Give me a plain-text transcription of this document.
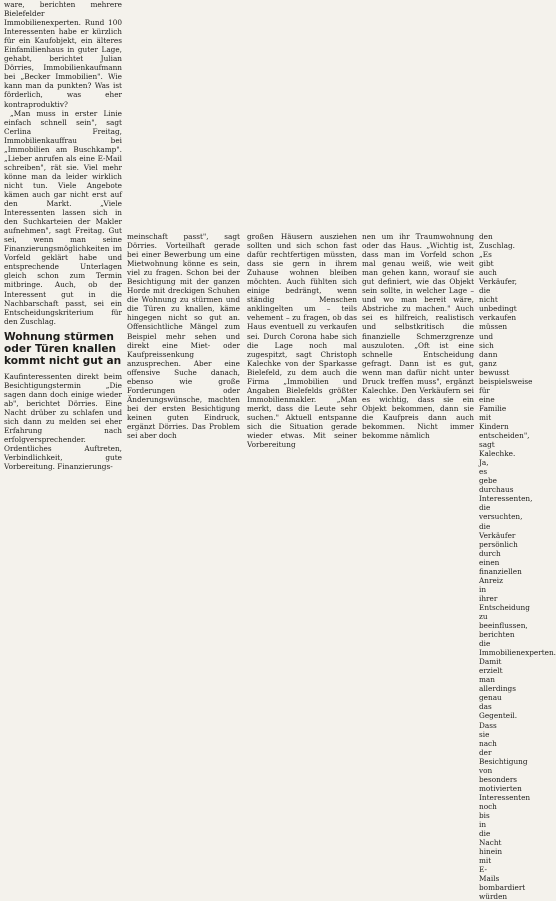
ware, berichten mehrere Bielefelder Immobilienexperten. Rund 100 Interessenten habe er kürzlich für ein Kaufobjekt, ein älteres Einfamilienhaus in guter Lage, gehabt, berichtet Julian Dörries, Immobilienkaufmann bei „Becker Immobilien". Wie kann man da punkten? Was ist förderlich, was eher kontraproduktiv?

„Man muss in erster Linie einfach schnell sein", sagt Cerlina Freitag, Immobilienkauffrau bei „Immobilien am Buschkamp". „Lieber anrufen als eine E-Mail schreiben", rät sie. Viel mehr könne man da leider wirklich nicht tun. Viele Angebote kämen auch gar nicht erst auf den Markt. „Viele Interessenten lassen sich in den Suchkarteien der Makler aufnehmen", sagt Freitag. Gut sei, wenn man seine Finanzierungsmöglichkeiten im Vorfeld geklärt habe und entsprechende Unterlagen gleich schon zum Termin mitbringe. Auch, ob der Interessent gut in die Nachbarschaft passt, sei ein Entscheidungskriterium für den Zuschlag.

Wohnung stürmen oder Türen knallen kommt nicht gut an

Kaufinteressenten direkt beim Besichtigungstermin „Die sagen dann doch einige wieder ab", berichtet Dörries. Eine Nacht drüber zu schlafen und sich dann zu melden sei eher Erfahrung nach erfolgversprechender. Ordentliches Auftreten, Verbindlichkeit, gute Vorbereitung. Finanzierungs-

meinschaft passt", sagt Dörries. Vorteilhaft gerade bei einer Bewerbung um eine Mietwohnung könne es sein, viel zu fragen. Schon bei der Besichtigung mit der ganzen Horde mit dreckigen Schuhen die Wohnung zu stürmen und die Türen zu knallen, käme hingegen nicht so gut an. Offensichtliche Mängel zum Beispiel mehr sehen und direkt eine Miet- oder Kaufpreissenkung anzusprechen. Aber eine offensive Suche danach, ebenso wie große Forderungen oder Änderungswünsche, machten bei der ersten Besichtigung keinen guten Eindruck, ergänzt Dörries. Das Problem sei aber doch

großen Häusern ausziehen sollten und sich schon fast dafür rechtfertigen müssten, dass sie gern in ihrem Zuhause wohnen bleiben möchten. Auch fühlten sich einige bedrängt, wenn ständig Menschen anklingelten um – teils vehement – zu fragen, ob das Haus eventuell zu verkaufen sei. Durch Corona habe sich die Lage noch mal zugespitzt, sagt Christoph Kalechke von der Sparkasse Bielefeld, zu dem auch die Firma „Immobilien und Angaben Bielefelds größter Immobilienmakler. „Man merkt, dass die Leute sehr suchen." Aktuell entspanne sich die Situation gerade wieder etwas. Mit seiner Vorbereitung

nen um ihr Traumwohnung oder das Haus. „Wichtig ist, dass man im Vorfeld schon mal genau weiß, wie weit man gehen kann, worauf sie gut definiert, wie das Objekt sein sollte, in welcher Lage – und wo man bereit wäre, Abstriche zu machen." Auch sei es hilfreich, realistisch und selbstkritisch die finanzielle Schmerzgrenze auszuloten. „Oft ist eine schnelle Entscheidung gefragt. Dann ist es gut, wenn man dafür nicht unter Druck treffen muss", ergänzt Kalechke. Den Verkäufern sei es wichtig, dass sie ein Objekt bekommen, dann sie die Kaufpreis dann auch bekommen. Nicht immer bekomme nämlich

den Zuschlag. „Es gibt auch Verkäufer, die nicht unbedingt verkaufen müssen und sich dann ganz bewusst beispielsweise für eine Familie mit Kindern entscheiden", sagt Kalechke. Ja, es gebe durchaus Interessenten, die versuchten, die Verkäufer persönlich durch einen finanziellen Anreiz in ihrer Entscheidung zu beeinflussen, berichten die Immobilienexperten. Damit erzielt man allerdings genau das Gegenteil. Dass sie nach der Besichtigung von besonders motivierten Interessenten noch bis in die Nacht hinein mit E-Mails bombardiert würden
